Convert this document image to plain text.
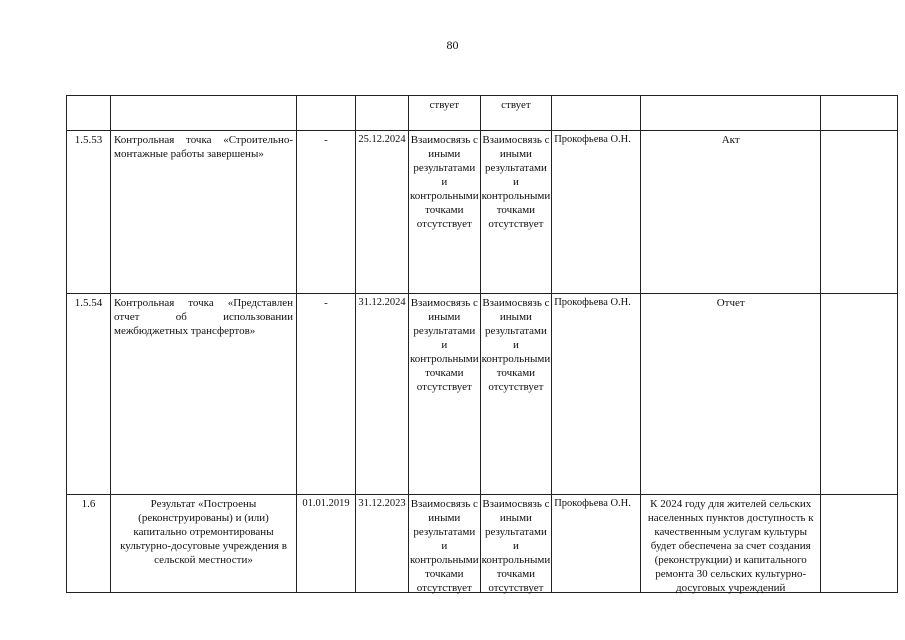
80
				ствует	ствует			
1.5.53	Контрольная точка «Строительно-монтажные работы завершены»	-	25.12.2024	Взаимосвязь с иными результатами и контрольными точками отсутствует	Взаимосвязь с иными результатами и контрольными точками отсутствует	Прокофьева О.Н.	Акт	
1.5.54	Контрольная точка «Представлен отчет об использовании межбюджетных трансфертов»	-	31.12.2024	Взаимосвязь с иными результатами и контрольными точками отсутствует	Взаимосвязь с иными результатами и контрольными точками отсутствует	Прокофьева О.Н.	Отчет	
1.6	Результат «Построены (реконструированы) и (или) капитально отремонтированы культурно-досуговые учреждения в сельской местности»	01.01.2019	31.12.2023	Взаимосвязь с иными результатами и контрольными точками отсутствует	Взаимосвязь с иными результатами и контрольными точками отсутствует	Прокофьева О.Н.	К 2024 году для жителей сельских населенных пунктов доступность к качественным услугам культуры будет обеспечена за счет создания (реконструкции) и капитального ремонта 30 сельских культурно-досуговых учреждений	
